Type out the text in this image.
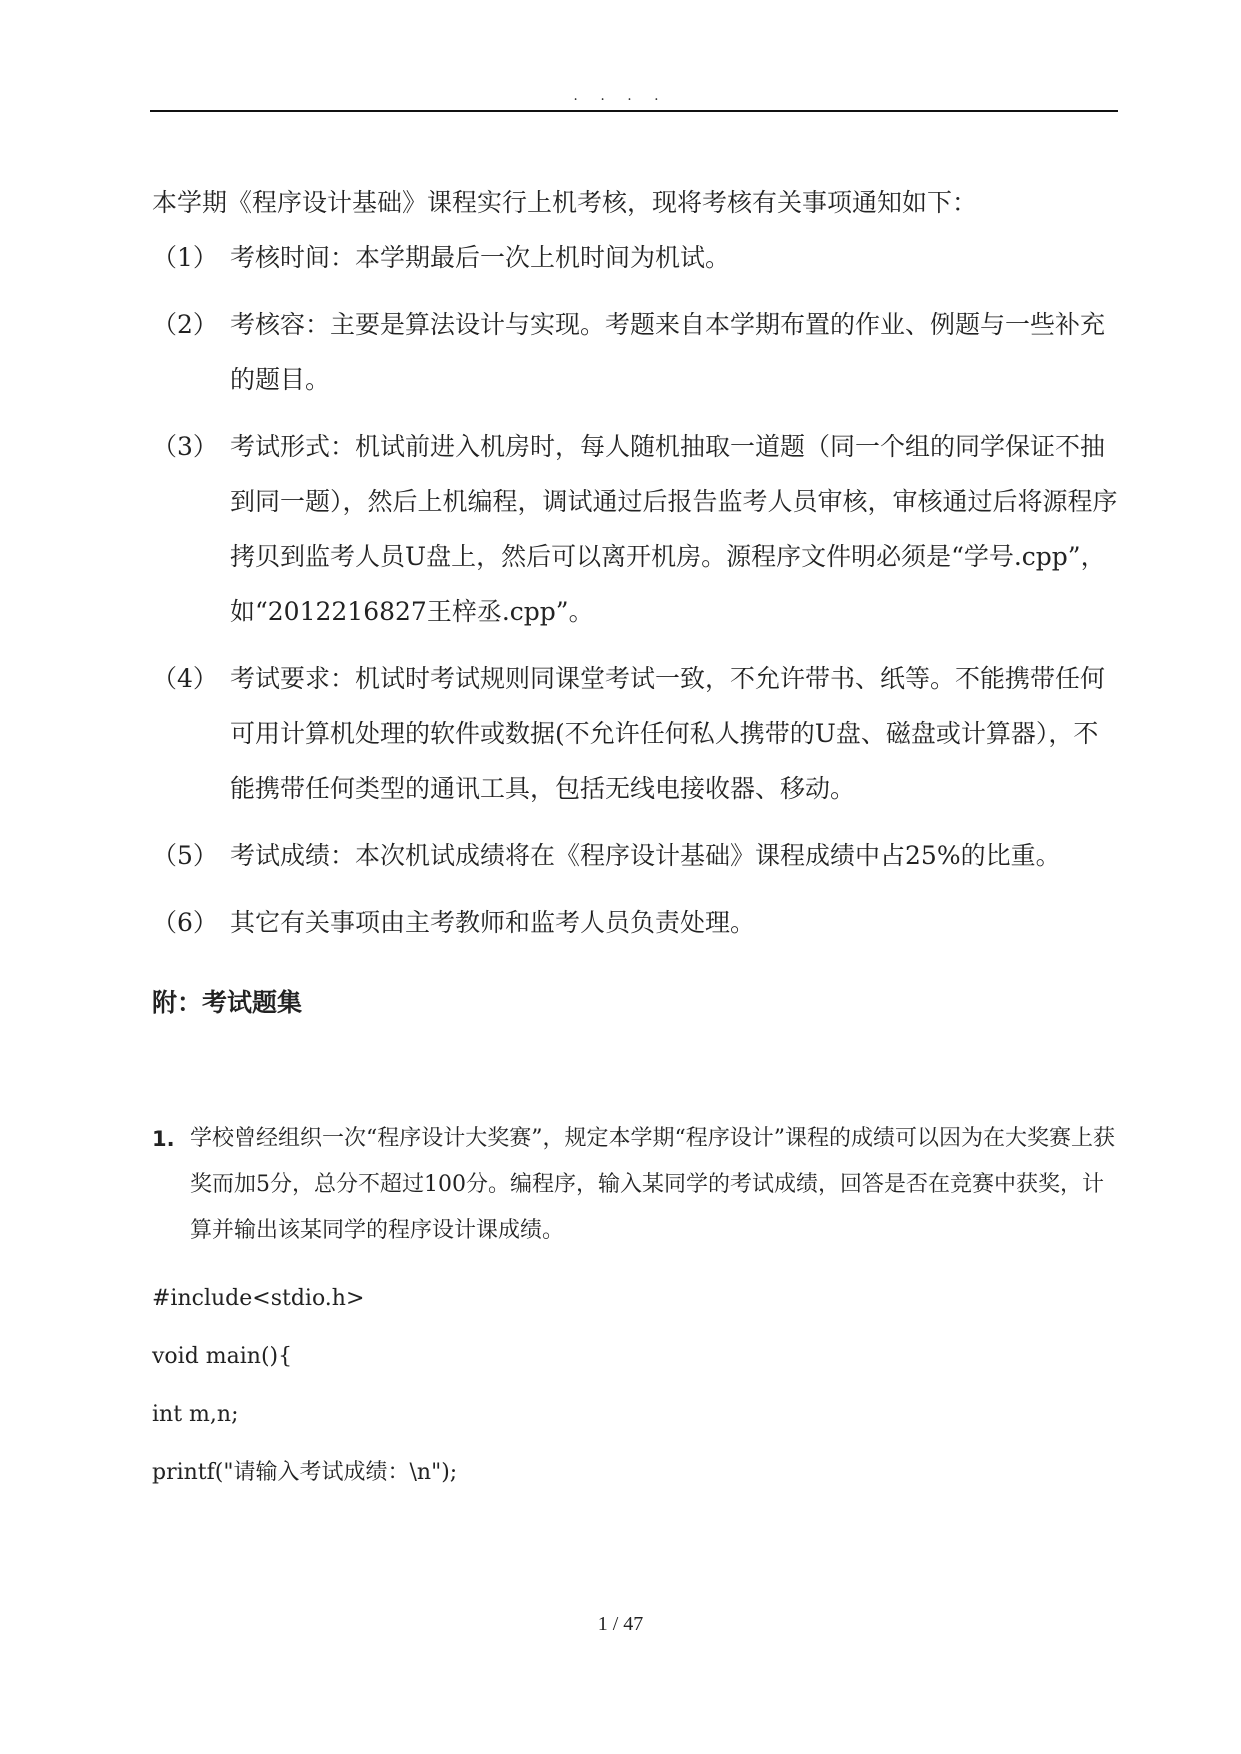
. . . .

本学期《程序设计基础》课程实行上机考核，现将考核有关事项通知如下：

（1） 考核时间：本学期最后一次上机时间为机试。
（2） 考核容：主要是算法设计与实现。考题来自本学期布置的作业、例题与一些补充的题目。
（3） 考试形式：机试前进入机房时，每人随机抽取一道题（同一个组的同学保证不抽到同一题），然后上机编程，调试通过后报告监考人员审核，审核通过后将源程序拷贝到监考人员U盘上，然后可以离开机房。源程序文件明必须是“学号.cpp”，如“2012216827王梓丞.cpp”。
（4） 考试要求：机试时考试规则同课堂考试一致，不允许带书、纸等。不能携带任何可用计算机处理的软件或数据(不允许任何私人携带的U盘、磁盘或计算器），不能携带任何类型的通讯工具，包括无线电接收器、移动。
（5） 考试成绩：本次机试成绩将在《程序设计基础》课程成绩中占25%的比重。
（6） 其它有关事项由主考教师和监考人员负责处理。

附：考试题集

1. 学校曾经组织一次“程序设计大奖赛”，规定本学期“程序设计”课程的成绩可以因为在大奖赛上获奖而加5分，总分不超过100分。编程序，输入某同学的考试成绩，回答是否在竞赛中获奖，计算并输出该某同学的程序设计课成绩。

#include<stdio.h>

void main(){

int m,n;

printf("请输入考试成绩：\n");

1 / 47
